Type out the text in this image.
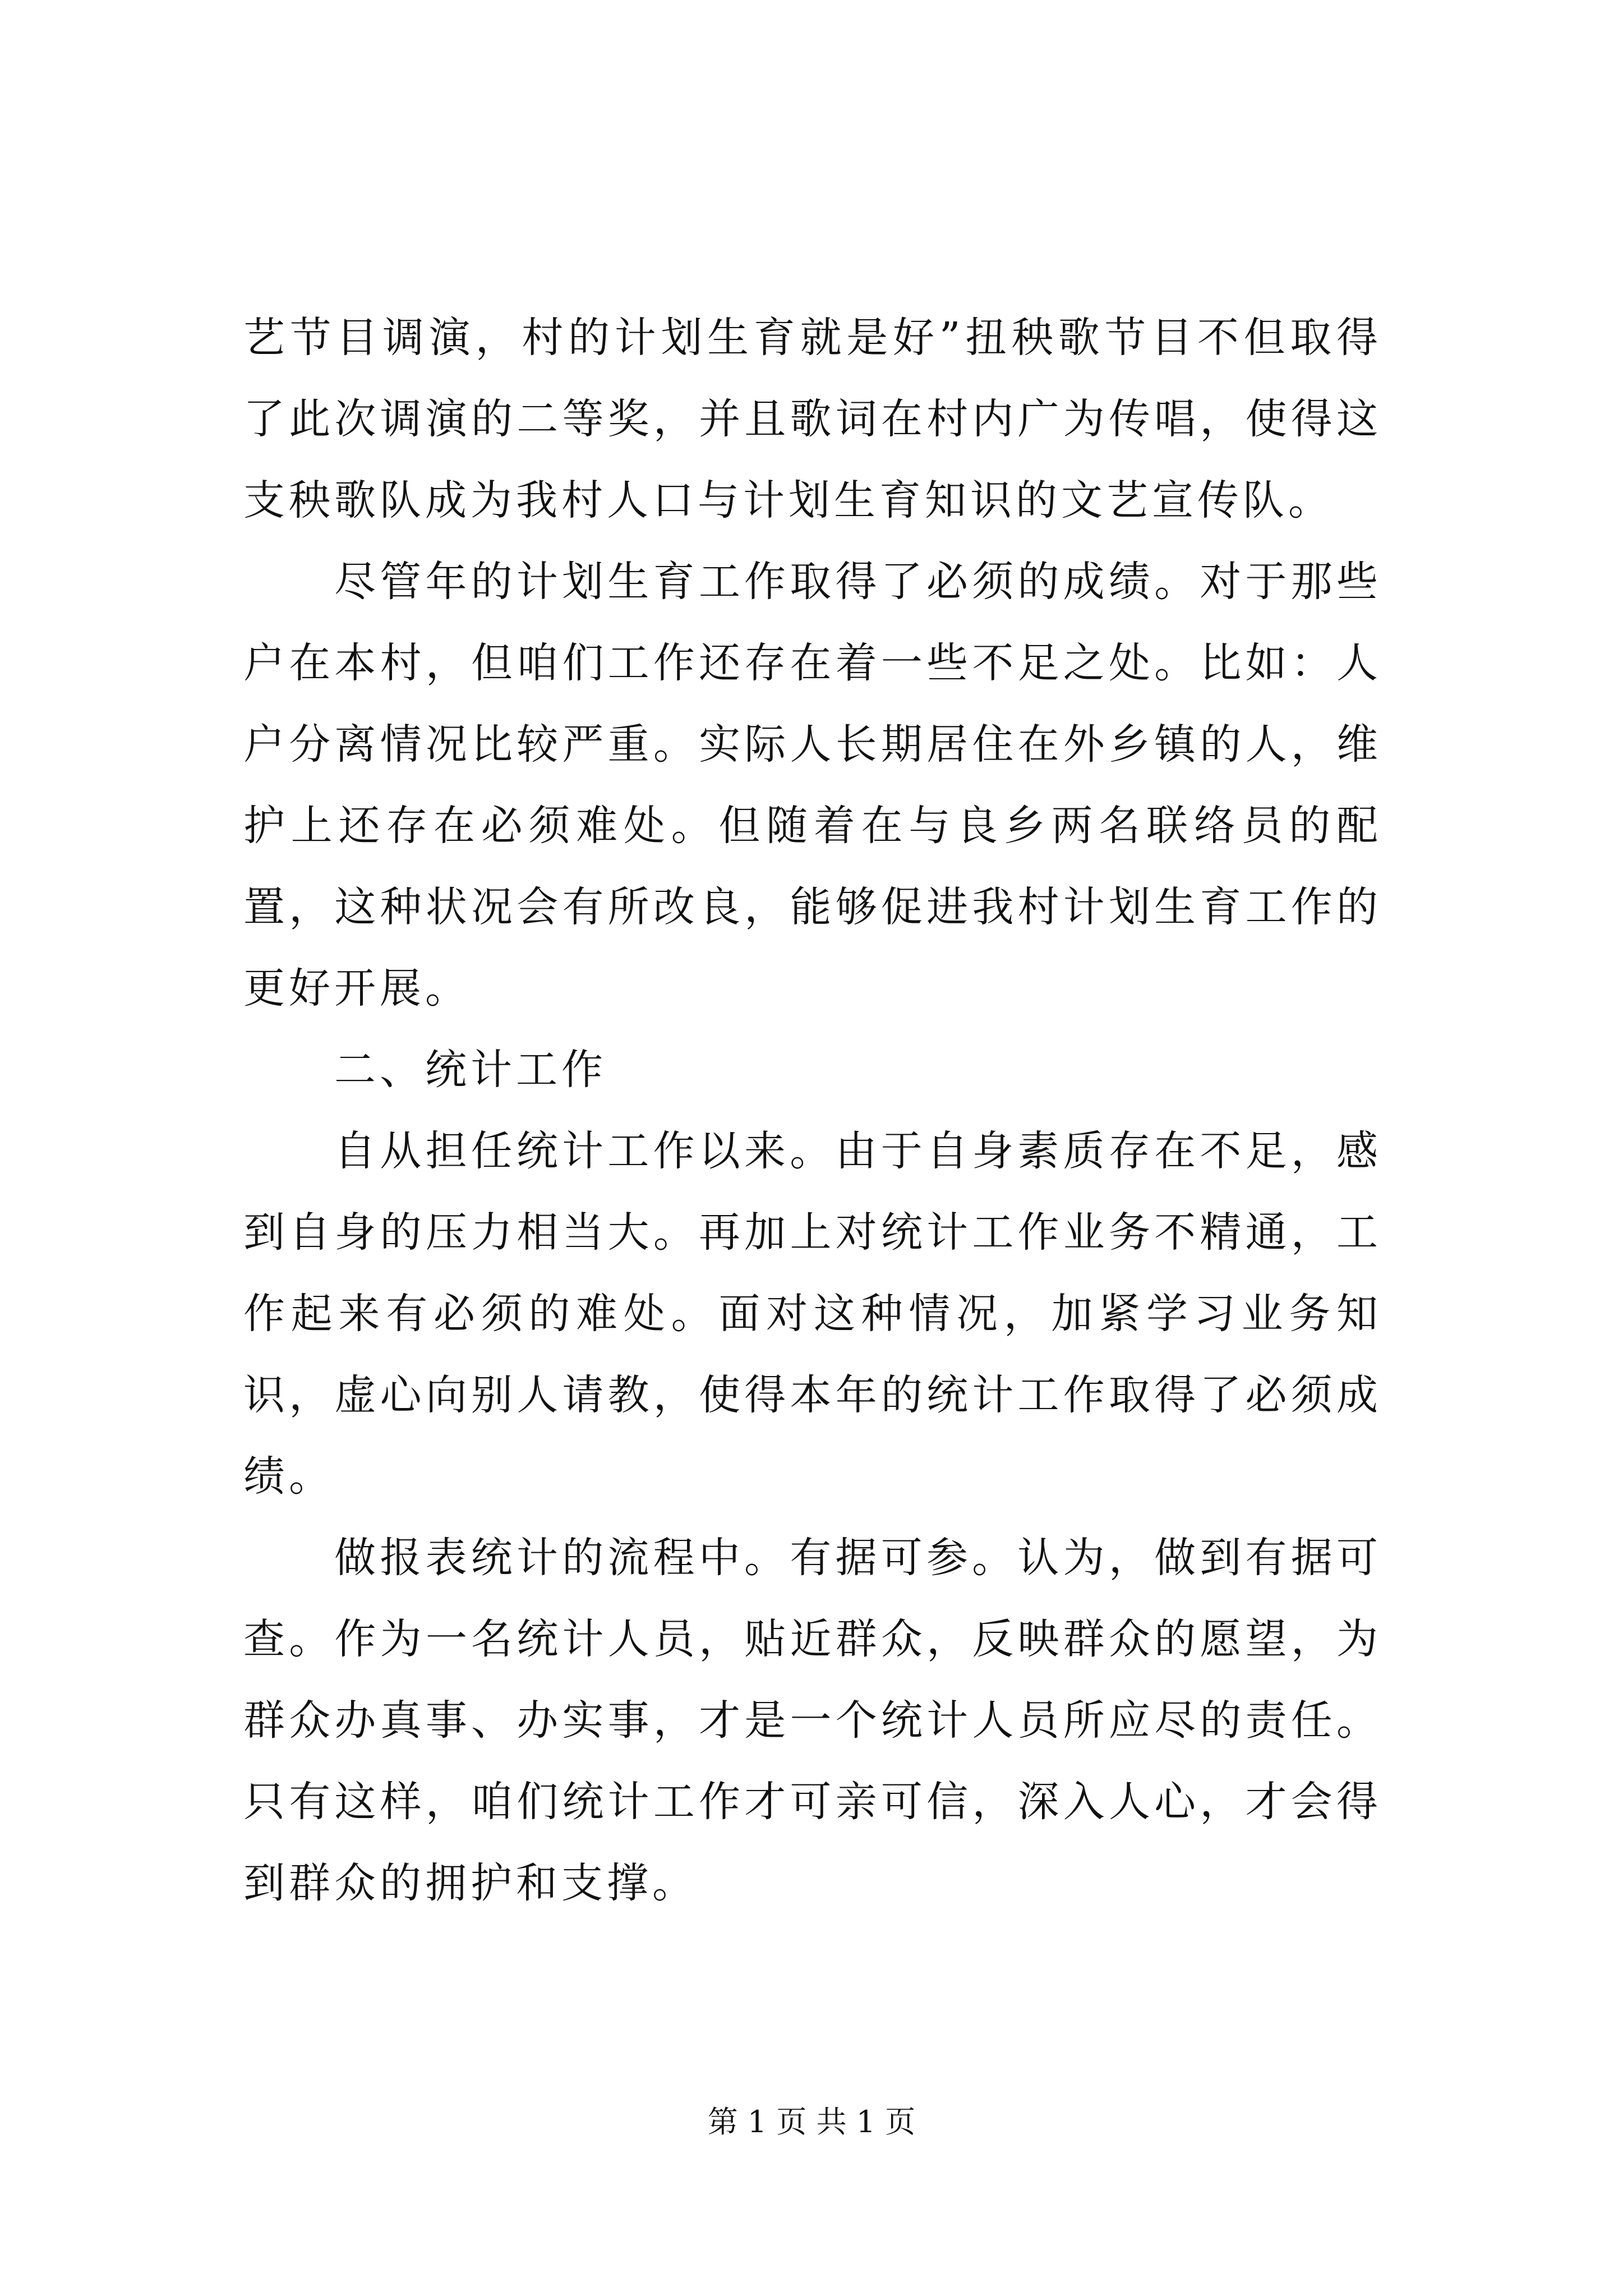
艺节目调演，村的计划生育就是好”扭秧歌节目不但取得了此次调演的二等奖，并且歌词在村内广为传唱，使得这支秧歌队成为我村人口与计划生育知识的文艺宣传队。

尽管年的计划生育工作取得了必须的成绩。对于那些户在本村，但咱们工作还存在着一些不足之处。比如：人户分离情况比较严重。实际人长期居住在外乡镇的人，维护上还存在必须难处。但随着在与良乡两名联络员的配置，这种状况会有所改良，能够促进我村计划生育工作的更好开展。

二、统计工作

自从担任统计工作以来。由于自身素质存在不足，感到自身的压力相当大。再加上对统计工作业务不精通，工作起来有必须的难处。面对这种情况，加紧学习业务知识，虚心向别人请教，使得本年的统计工作取得了必须成绩。

做报表统计的流程中。有据可参。认为，做到有据可查。作为一名统计人员，贴近群众，反映群众的愿望，为群众办真事、办实事，才是一个统计人员所应尽的责任。只有这样，咱们统计工作才可亲可信，深入人心，才会得到群众的拥护和支撑。

第 1 页 共 1 页
